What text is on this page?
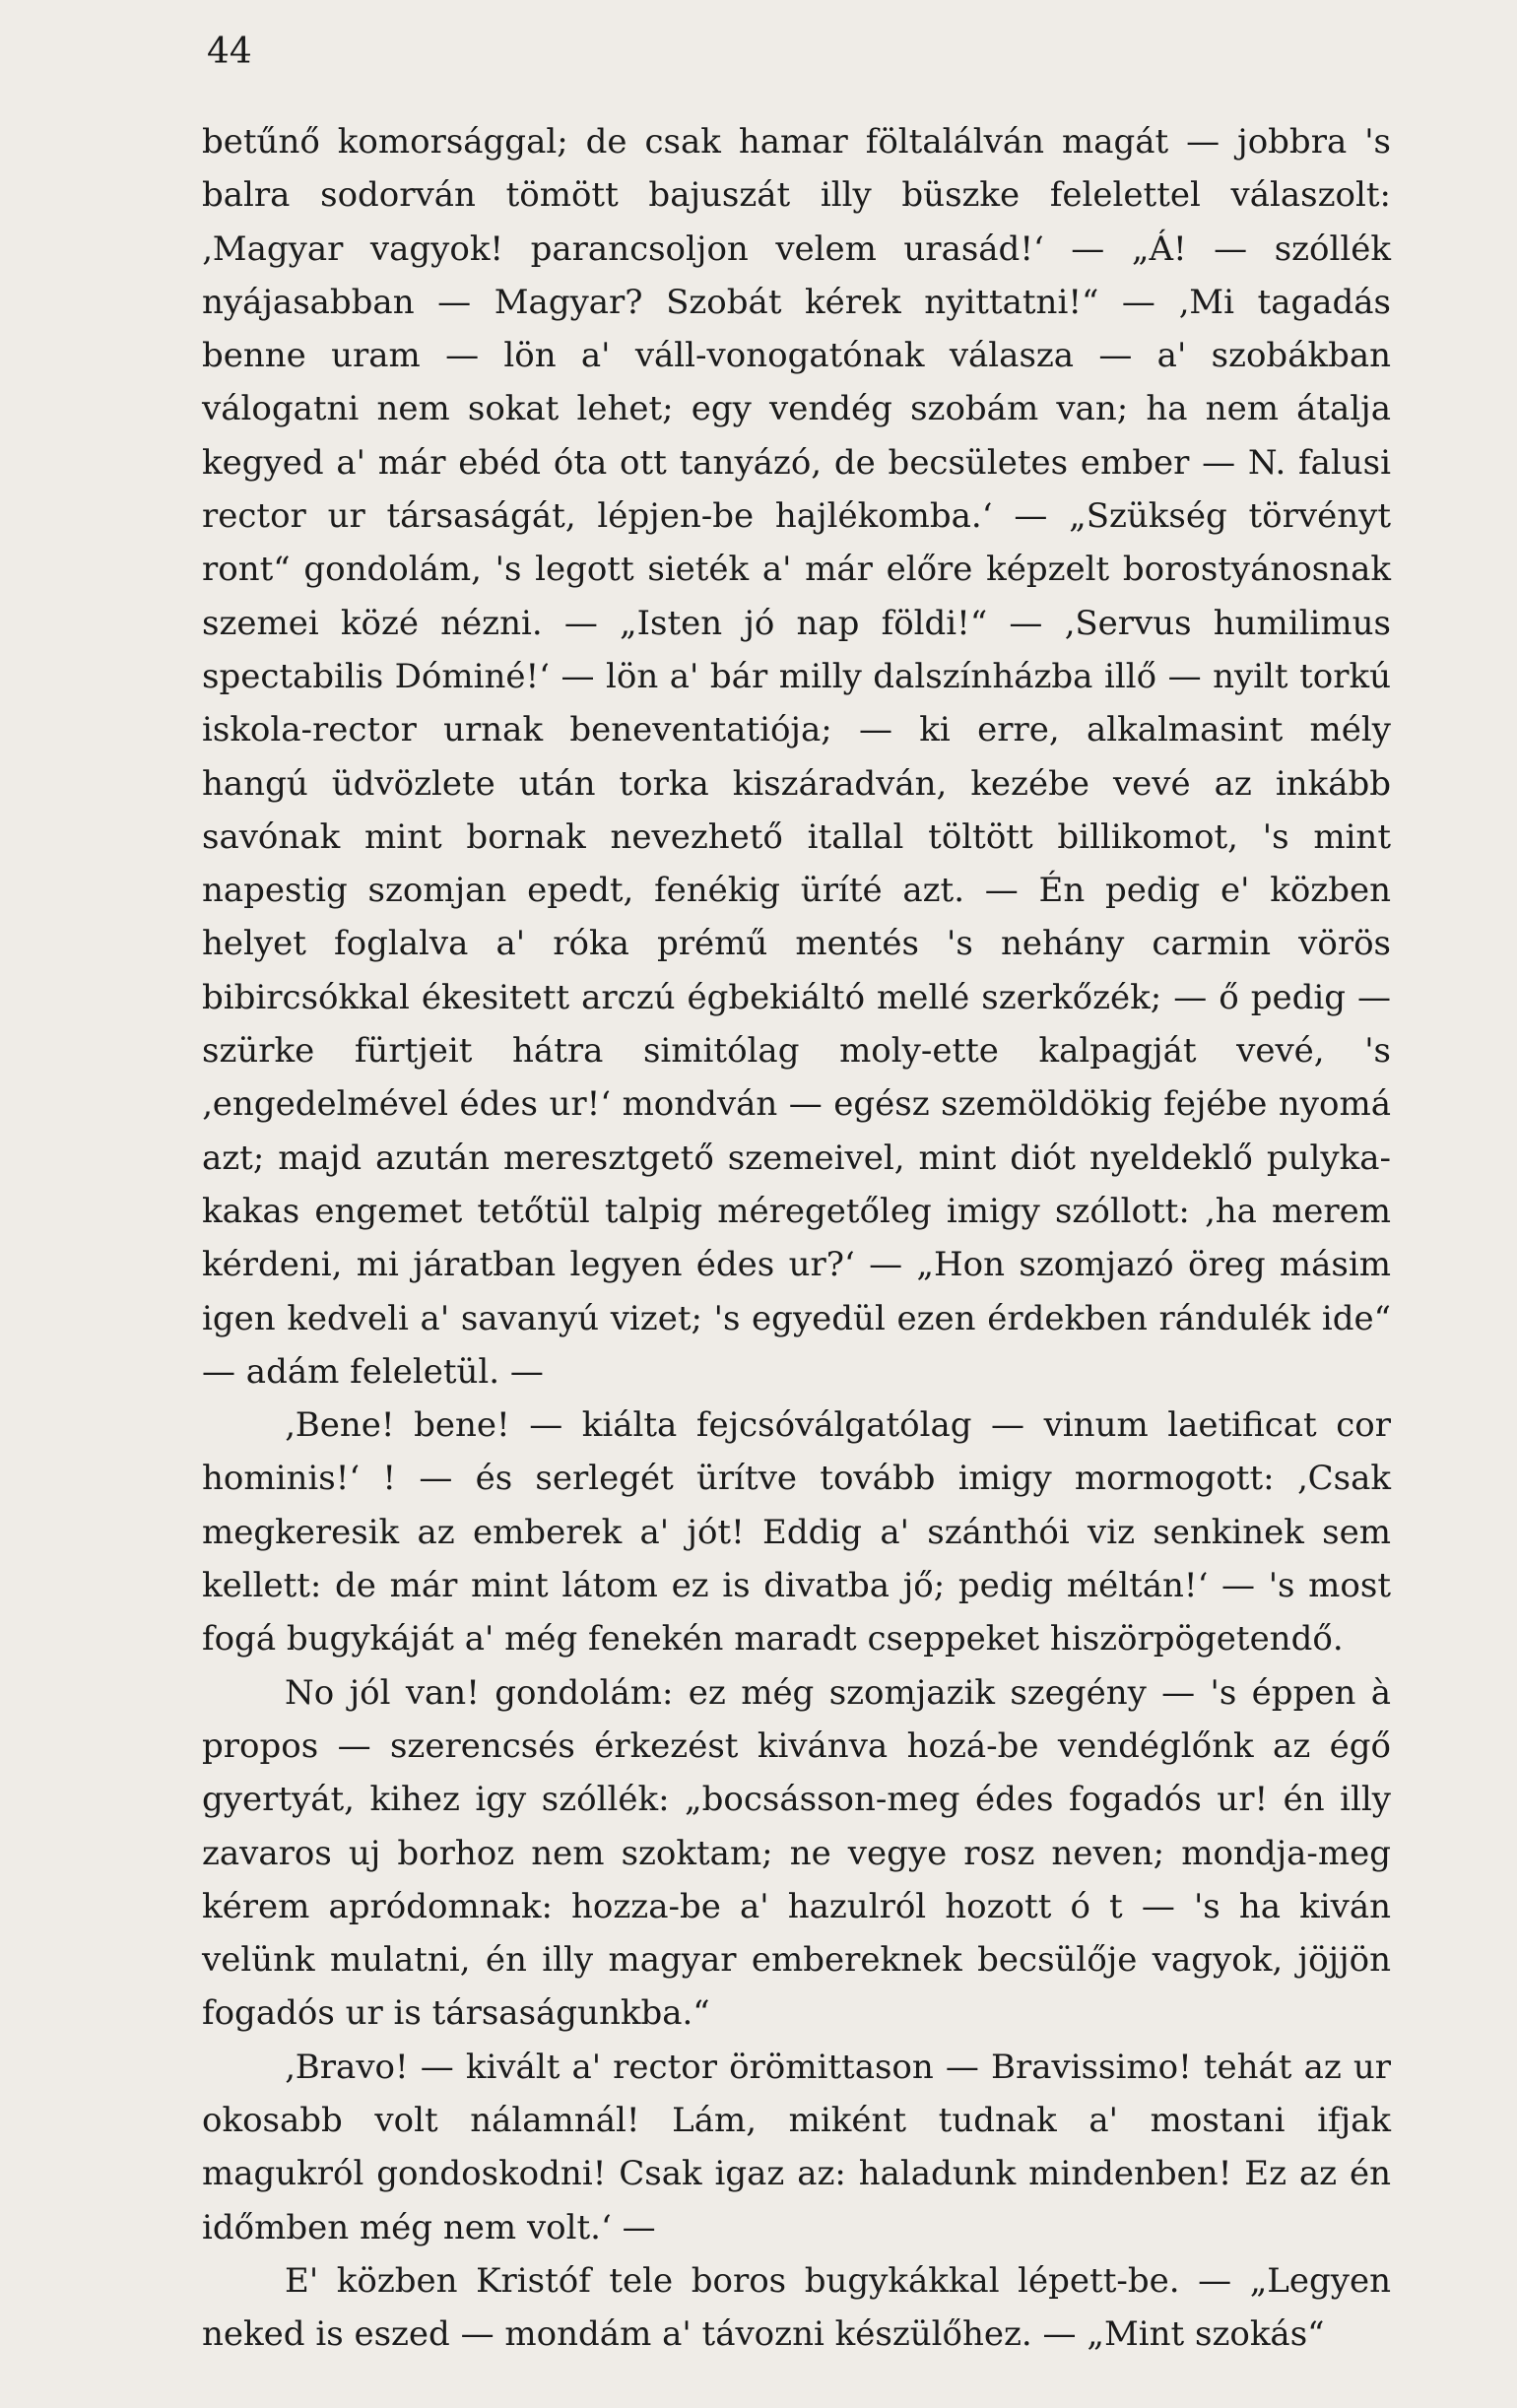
44

betűnő komorsággal; de csak hamar föltalálván magát — jobbra 's balra sodorván tömött bajuszát illy büszke felelettel válaszolt: ‚Magyar vagyok! parancsoljon velem urasád!‘ — „Á! — szóllék nyájasabban — Magyar? Szobát kérek nyittatni!“ — ‚Mi tagadás benne uram — lön a' váll-vonogatónak válasza — a' szobákban válogatni nem sokat lehet; egy vendég szobám van; ha nem átalja kegyed a' már ebéd óta ott tanyázó, de becsületes ember — N. falusi rector ur társaságát, lépjen-be hajlékomba.‘ — „Szükség törvényt ront“ gondolám, 's legott sieték a' már előre képzelt borostyánosnak szemei közé nézni. — „Isten jó nap földi!“ — ‚Servus humilimus spectabilis Dóminé!‘ — lön a' bár milly dalszínházba illő — nyilt torkú iskola-rector urnak beneventatiója; — ki erre, alkalmasint mély hangú üdvözlete után torka kiszáradván, kezébe vevé az inkább savónak mint bornak nevezhető itallal töltött billikomot, 's mint napestig szomjan epedt, fenékig üríté azt. — Én pedig e' közben helyet foglalva a' róka prémű mentés 's nehány carmin vörös bibircsókkal ékesitett arczú égbekiáltó mellé szerkőzék; — ő pedig — szürke fürtjeit hátra simitólag moly-ette kalpagját vevé, 's ‚engedelmével édes ur!‘ mondván — egész szemöldökig fejébe nyomá azt; majd azután meresztgető szemeivel, mint diót nyeldeklő pulyka-kakas engemet tetőtül talpig méregetőleg imigy szóllott: ‚ha merem kérdeni, mi járatban legyen édes ur?‘ — „Hon szomjazó öreg másim igen kedveli a' savanyú vizet; 's egyedül ezen érdekben rándulék ide“ — adám feleletül. —

‚Bene! bene! — kiálta fejcsóválgatólag — vinum laetificat cor hominis!‘ ! — és serlegét ürítve tovább imigy mormogott: ‚Csak megkeresik az emberek a' jót! Eddig a' szánthói viz senkinek sem kellett: de már mint látom ez is divatba jő; pedig méltán!‘ — 's most fogá bugykáját a' még fenekén maradt cseppeket hiszörpögetendő.

No jól van! gondolám: ez még szomjazik szegény — 's éppen à propos — szerencsés érkezést kivánva hozá-be vendéglőnk az égő gyertyát, kihez igy szóllék: „bocsásson-meg édes fogadós ur! én illy zavaros uj borhoz nem szoktam; ne vegye rosz neven; mondja-meg kérem apródomnak: hozza-be a' hazulról hozott ó t — 's ha kiván velünk mulatni, én illy magyar embereknek becsülője vagyok, jöjjön fogadós ur is társaságunkba.“

‚Bravo! — kivált a' rector örömittason — Bravissimo! tehát az ur okosabb volt nálamnál! Lám, miként tudnak a' mostani ifjak magukról gondoskodni! Csak igaz az: haladunk mindenben! Ez az én időmben még nem volt.‘ —

E' közben Kristóf tele boros bugykákkal lépett-be. — „Legyen neked is eszed — mondám a' távozni készülőhez. — „Mint szokás“
